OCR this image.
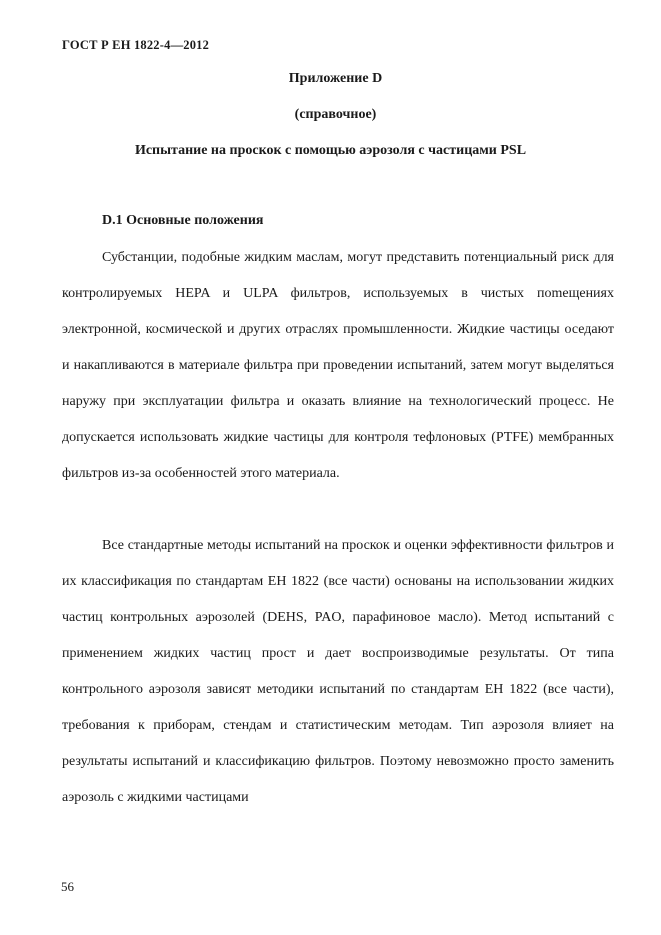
ГОСТ Р ЕН 1822-4—2012
Приложение D
(справочное)
Испытание на проскок с помощью аэрозоля с частицами PSL
D.1 Основные положения

Субстанции, подобные жидким маслам, могут представить потенциальный риск для контролируемых HEPA и ULPA фильтров, используемых в чистых поmещениях электронной, космической и других отраслях промышленности. Жидкие частицы оседают и накапливаются в материале фильтра при проведении испытаний, затем могут выделяться наружу при эксплуатации фильтра и оказать влияние на технологический процесс. Не допускается использовать жидкие частицы для контроля тефлоновых (PTFE) мембранных фильтров из-за особенностей этого материала.

Все стандартные методы испытаний на проскок и оценки эффективности фильтров и их классификация по стандартам ЕН 1822 (все части) основаны на использовании жидких частиц контрольных аэрозолей (DEHS, PAO, парафиновое масло). Метод испытаний с применением жидких частиц прост и дает воспроизводимые результаты. От типа контрольного аэрозоля зависят методики испытаний по стандартам ЕН 1822 (все части), требования к приборам, стендам и статистическим методам. Тип аэрозоля влияет на результаты испытаний и классификацию фильтров. Поэтому невозможно просто заменить аэрозоль с жидкими частицами

56
